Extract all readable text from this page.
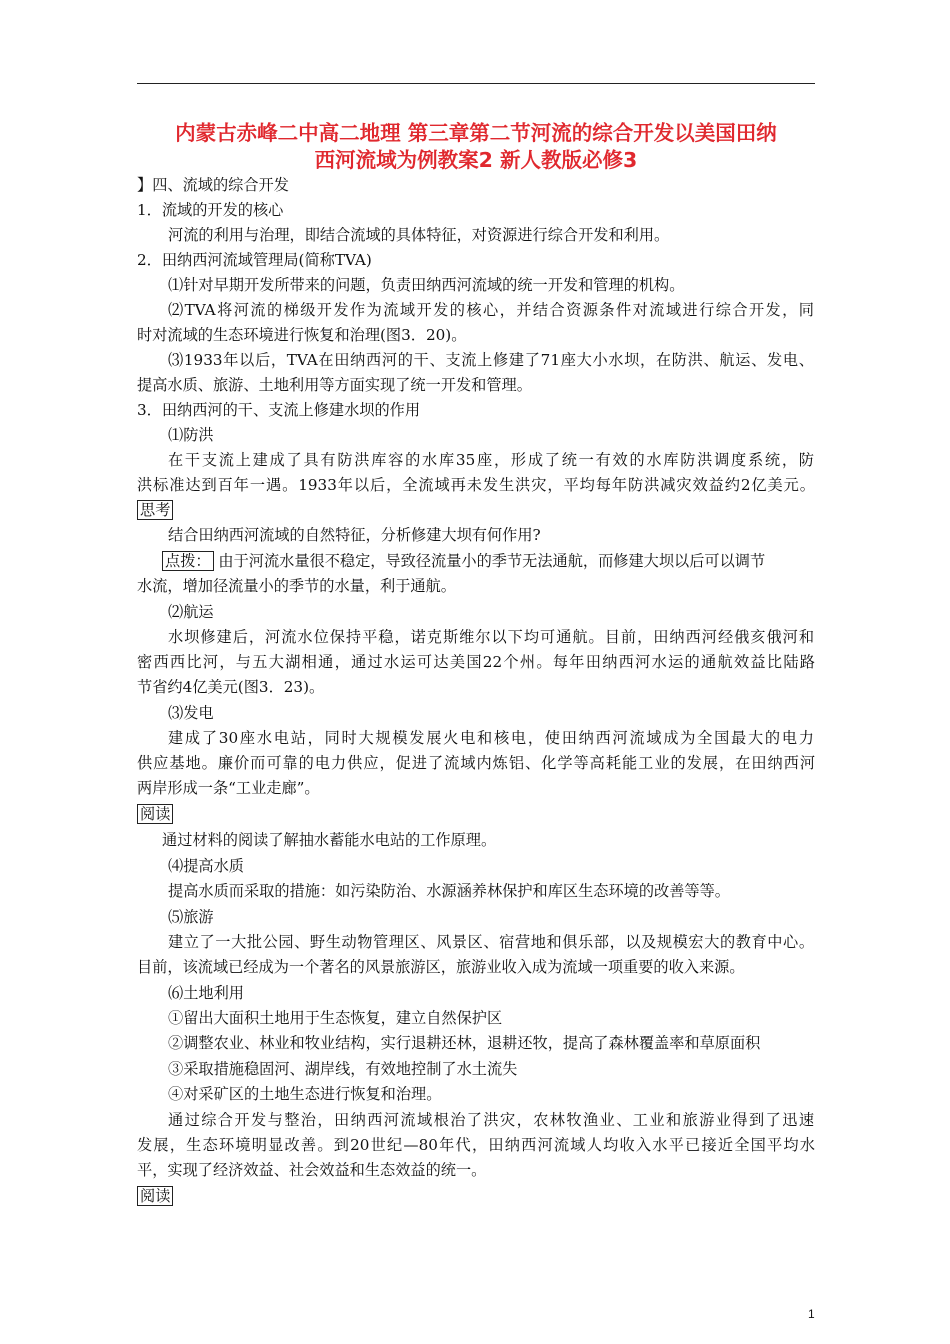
内蒙古赤峰二中高二地理 第三章第二节河流的综合开发以美国田纳
西河流域为例教案2 新人教版必修3
】四、流域的综合开发
1．流域的开发的核心
河流的利用与治理，即结合流域的具体特征，对资源进行综合开发和利用。
2．田纳西河流域管理局(简称TVA)
⑴针对早期开发所带来的问题，负责田纳西河流域的统一开发和管理的机构。
⑵TVA将河流的梯级开发作为流域开发的核心，并结合资源条件对流域进行综合开发，同
时对流域的生态环境进行恢复和治理(图3．20)。
⑶1933年以后，TVA在田纳西河的干、支流上修建了71座大小水坝，在防洪、航运、发电、
提高水质、旅游、土地利用等方面实现了统一开发和管理。
3．田纳西河的干、支流上修建水坝的作用
⑴防洪
在干支流上建成了具有防洪库容的水库35座，形成了统一有效的水库防洪调度系统，防
洪标准达到百年一遇。1933年以后，全流域再未发生洪灾，平均每年防洪减灾效益约2亿美元。
思考
结合田纳西河流域的自然特征，分析修建大坝有何作用?
点拨： 由于河流水量很不稳定，导致径流量小的季节无法通航，而修建大坝以后可以调节
水流，增加径流量小的季节的水量，利于通航。
⑵航运
水坝修建后，河流水位保持平稳，诺克斯维尔以下均可通航。目前，田纳西河经俄亥俄河和
密西西比河，与五大湖相通，通过水运可达美国22个州。每年田纳西河水运的通航效益比陆路
节省约4亿美元(图3．23)。
⑶发电
建成了30座水电站，同时大规模发展火电和核电，使田纳西河流域成为全国最大的电力
供应基地。廉价而可靠的电力供应，促进了流域内炼铝、化学等高耗能工业的发展，在田纳西河
两岸形成一条“工业走廊”。
阅读
通过材料的阅读了解抽水蓄能水电站的工作原理。
⑷提高水质
提高水质而采取的措施：如污染防治、水源涵养林保护和库区生态环境的改善等等。
⑸旅游
建立了一大批公园、野生动物管理区、风景区、宿营地和俱乐部，以及规模宏大的教育中心。
目前，该流域已经成为一个著名的风景旅游区，旅游业收入成为流域一项重要的收入来源。
⑹土地利用
①留出大面积土地用于生态恢复，建立自然保护区
②调整农业、林业和牧业结构，实行退耕还林，退耕还牧，提高了森林覆盖率和草原面积
③采取措施稳固河、湖岸线，有效地控制了水土流失
④对采矿区的土地生态进行恢复和治理。
通过综合开发与整治，田纳西河流域根治了洪灾，农林牧渔业、工业和旅游业得到了迅速
发展，生态环境明显改善。到20世纪—80年代，田纳西河流域人均收入水平已接近全国平均水
平，实现了经济效益、社会效益和生态效益的统一。
阅读
1
